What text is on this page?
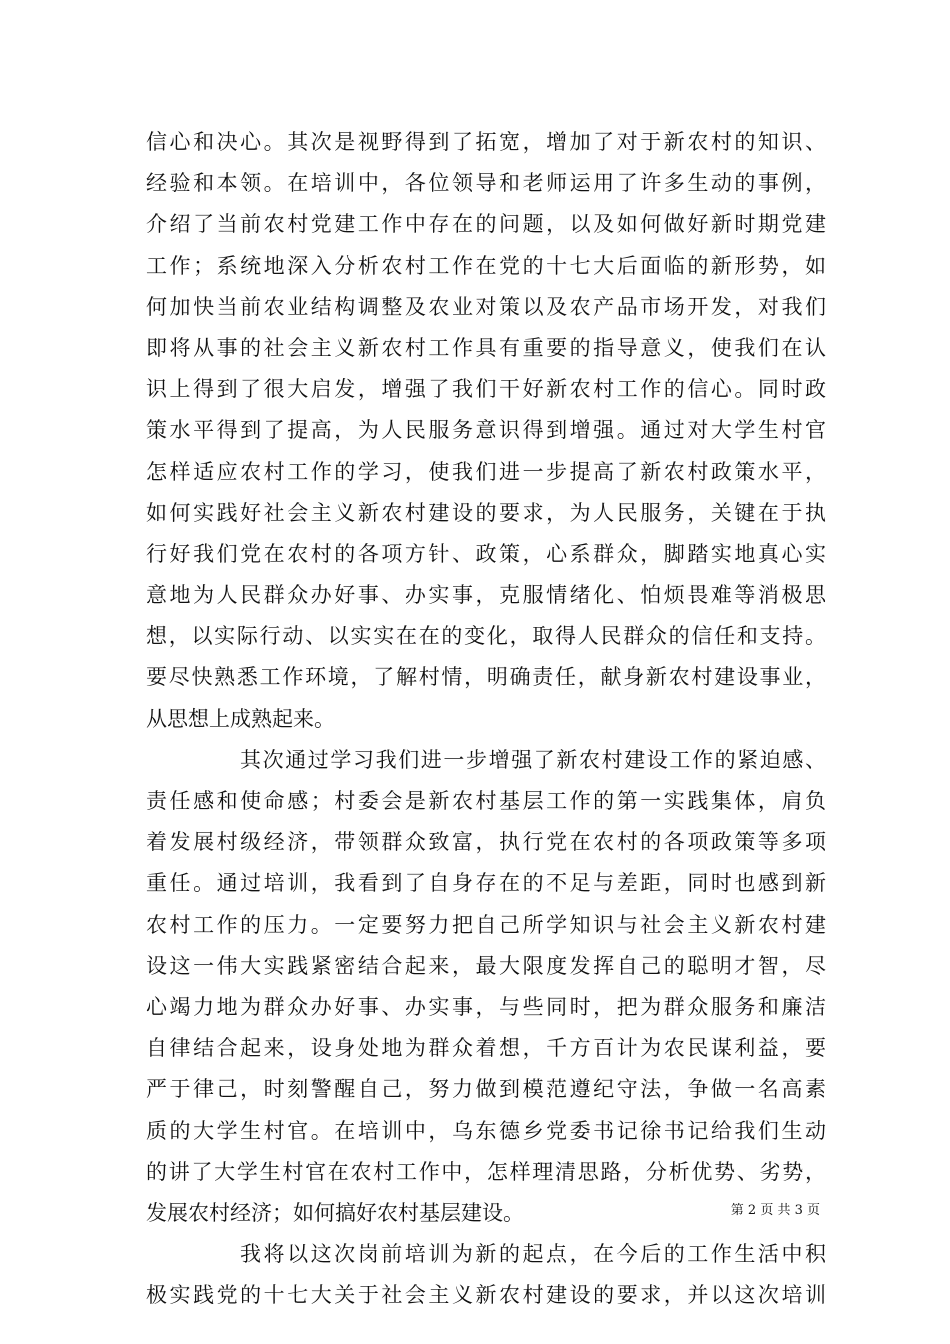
信心和决心。其次是视野得到了拓宽，增加了对于新农村的知识、
经验和本领。在培训中，各位领导和老师运用了许多生动的事例，
介绍了当前农村党建工作中存在的问题，以及如何做好新时期党建
工作；系统地深入分析农村工作在党的十七大后面临的新形势，如
何加快当前农业结构调整及农业对策以及农产品市场开发，对我们
即将从事的社会主义新农村工作具有重要的指导意义，使我们在认
识上得到了很大启发，增强了我们干好新农村工作的信心。同时政
策水平得到了提高，为人民服务意识得到增强。通过对大学生村官
怎样适应农村工作的学习，使我们进一步提高了新农村政策水平，
如何实践好社会主义新农村建设的要求，为人民服务，关键在于执
行好我们党在农村的各项方针、政策，心系群众，脚踏实地真心实
意地为人民群众办好事、办实事，克服情绪化、怕烦畏难等消极思
想，以实际行动、以实实在在的变化，取得人民群众的信任和支持。
要尽快熟悉工作环境，了解村情，明确责任，献身新农村建设事业，
从思想上成熟起来。
其次通过学习我们进一步增强了新农村建设工作的紧迫感、
责任感和使命感；村委会是新农村基层工作的第一实践集体，肩负
着发展村级经济，带领群众致富，执行党在农村的各项政策等多项
重任。通过培训，我看到了自身存在的不足与差距，同时也感到新
农村工作的压力。一定要努力把自己所学知识与社会主义新农村建
设这一伟大实践紧密结合起来，最大限度发挥自己的聪明才智，尽
心竭力地为群众办好事、办实事，与些同时，把为群众服务和廉洁
自律结合起来，设身处地为群众着想，千方百计为农民谋利益，要
严于律己，时刻警醒自己，努力做到模范遵纪守法，争做一名高素
质的大学生村官。在培训中，乌东德乡党委书记徐书记给我们生动
的讲了大学生村官在农村工作中，怎样理清思路，分析优势、劣势，
发展农村经济；如何搞好农村基层建设。
我将以这次岗前培训为新的起点，在今后的工作生活中积
极实践党的十七大关于社会主义新农村建设的要求，并以这次培训
第 2 页 共 3 页
